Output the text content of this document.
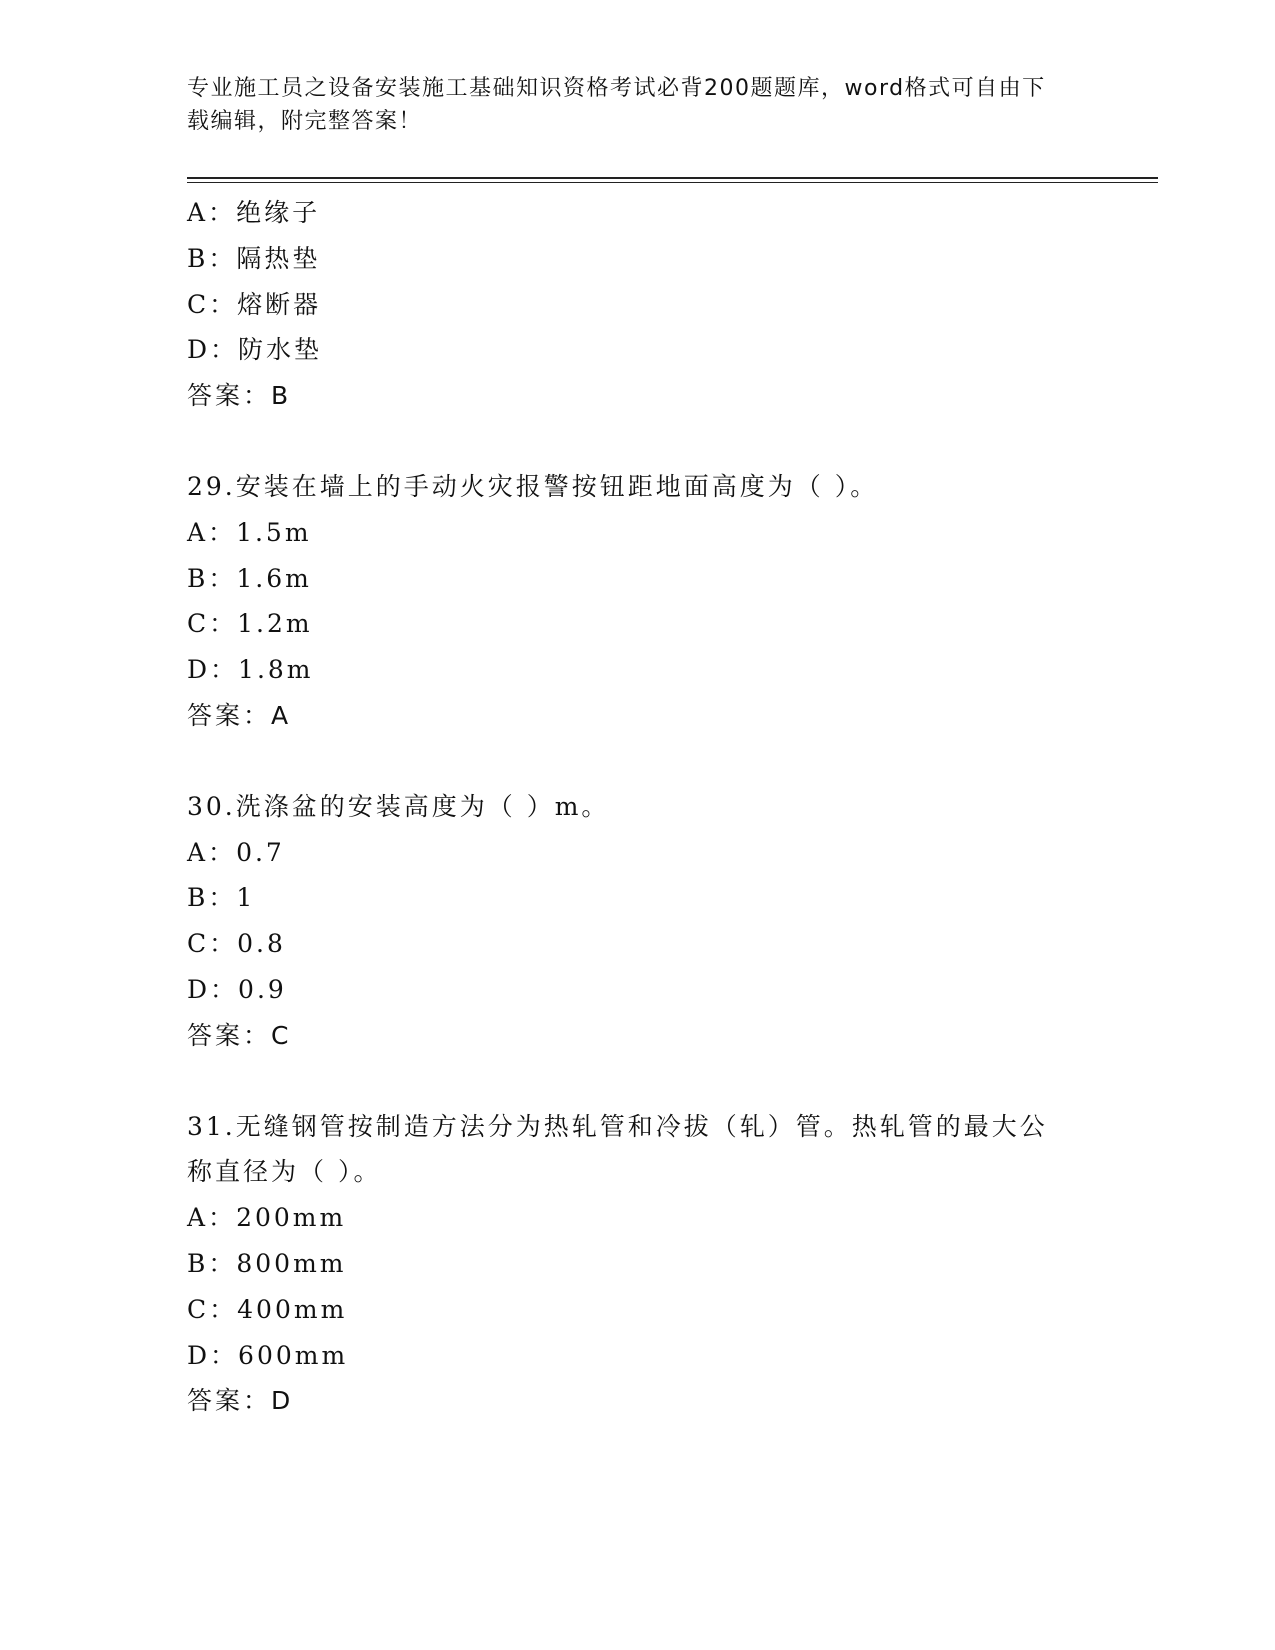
专业施工员之设备安装施工基础知识资格考试必背200题题库，word格式可自由下载编辑，附完整答案！
A：绝缘子
B：隔热垫
C：熔断器
D：防水垫
答案：B
29.安装在墙上的手动火灾报警按钮距地面高度为（ ）。
A：1.5m
B：1.6m
C：1.2m
D：1.8m
答案：A
30.洗涤盆的安装高度为（ ）m。
A：0.7
B：1
C：0.8
D：0.9
答案：C
31.无缝钢管按制造方法分为热轧管和冷拔（轧）管。热轧管的最大公
称直径为（ ）。
A：200mm
B：800mm
C：400mm
D：600mm
答案：D
